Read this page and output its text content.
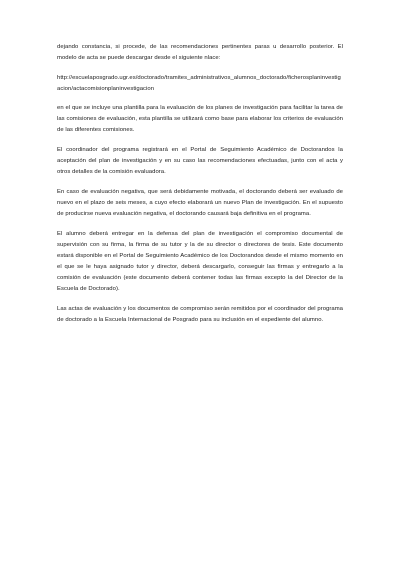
dejando constancia, si procede, de las recomendaciones pertinentes paras u desarrollo posterior. El modelo de acta se puede descargar desde el siguiente nlace:

http://escuelaposgrado.ugr.es/doctorado/tramites_administrativos_alumnos_doctorado/ficherosplaninvestigacion/actacomisionplaninvestigacion

en el que se incluye una plantilla para la evaluación de los planes de investigación para facilitar la tarea de las comisiones de evaluación, esta plantilla se utilizará como base para elaborar los criterios de evaluación de las diferentes comisiones.

El coordinador del programa registrará en el Portal de Seguimiento Académico de Doctorandos la aceptación del plan de investigación y en su caso las recomendaciones efectuadas, junto con el acta y otros detalles de la comisión evaluadora.

En caso de evaluación negativa, que será debidamente motivada, el doctorando deberá ser evaluado de nuevo en el plazo de seis meses, a cuyo efecto elaborará un nuevo Plan de investigación. En el supuesto de producirse nueva evaluación negativa, el doctorando causará baja definitiva en el programa.

El alumno deberá entregar en la defensa del plan de investigación el compromiso documental de supervisión con su firma, la firma de su tutor y la de su director o directores de tesis. Este documento estará disponible en el Portal de Seguimiento Académico de los Doctorandos desde el mismo momento en el que se le haya asignado tutor y director, deberá descargarlo, conseguir las firmas y entregarlo a la comisión de evaluación (este documento deberá contener todas las firmas excepto la del Director de la Escuela de Doctorado).

Las actas de evaluación y los documentos de compromiso serán remitidos por el coordinador del programa de doctorado a la Escuela Internacional de Posgrado para su inclusión en el expediente del alumno.
